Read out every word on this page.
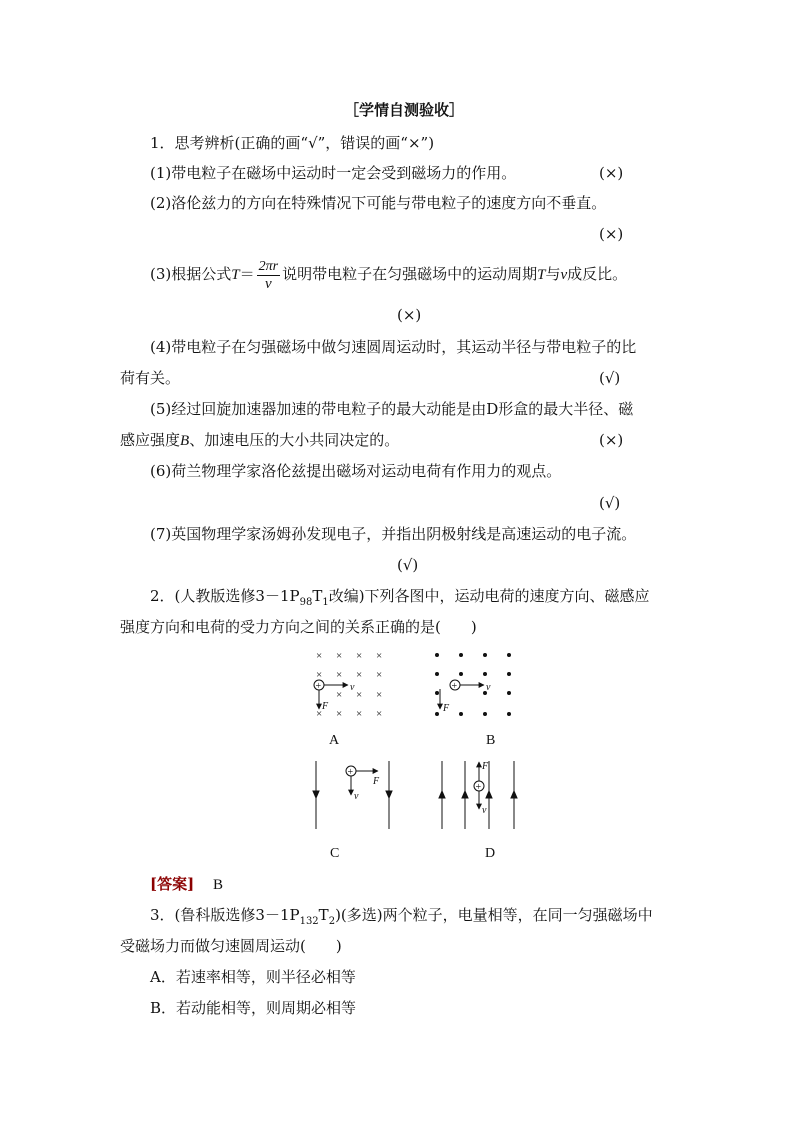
［学情自测验收］
1．思考辨析(正确的画“√”，错误的画“×”)
(1)带电粒子在磁场中运动时一定会受到磁场力的作用。	(×)
(2)洛伦兹力的方向在特殊情况下可能与带电粒子的速度方向不垂直。
(×)
(3)根据公式$T= \frac{2\pi r}{v}$ 说明带电粒子在匀强磁场中的运动周期T与v成反比。
(×)
(4)带电粒子在匀强磁场中做匀速圆周运动时，其运动半径与带电粒子的比
荷有关。	(√)
(5)经过回旋加速器加速的带电粒子的最大动能是由D形盒的最大半径、磁
感应强度B、加速电压的大小共同决定的。	(×)
(6)荷兰物理学家洛伦兹提出磁场对运动电荷有作用力的观点。
(√)
(7)英国物理学家汤姆孙发现电子，并指出阴极射线是高速运动的电子流。
(√)
2．(人教版选修$3-1P_{98}T_1$改编)下列各图中，运动电荷的速度方向、磁感应
强度方向和电荷的受力方向之间的关系正确的是(　　)
× × × ×
× × × ×
× × ×
× × × ×
+	v
F
+	v
F
+
v
F
F
+
v
A	B
C	D
[答案] B
3．(鲁科版选修$3-1P_{132}T_2$)(多选)两个粒子，电量相等，在同一匀强磁场中
受磁场力而做匀速圆周运动(　　)
A．若速率相等，则半径必相等
B．若动能相等，则周期必相等
